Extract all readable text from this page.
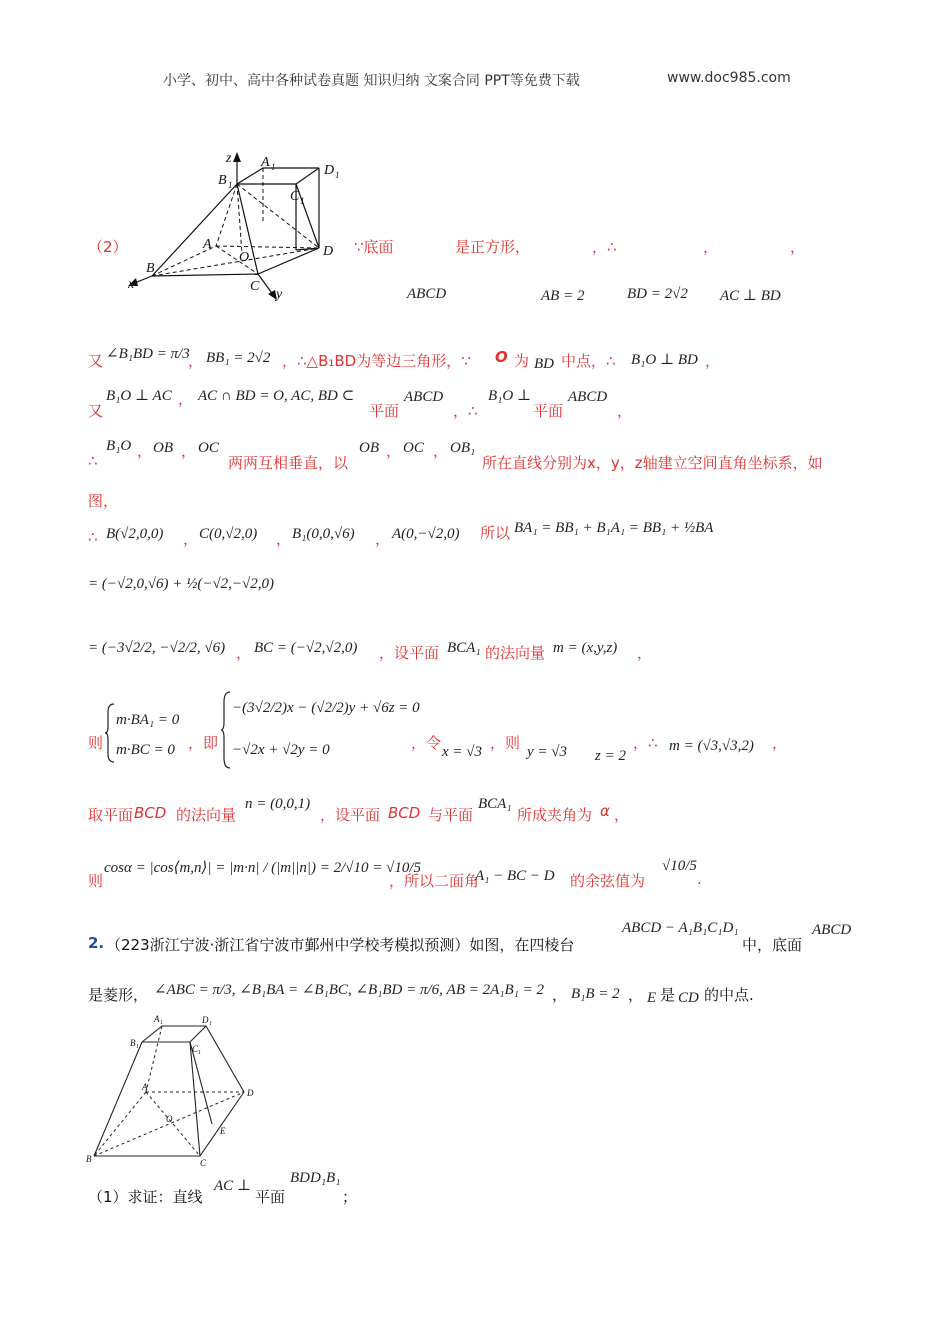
小学、初中、高中各种试卷真题 知识归纳 文案合同 PPT等免费下载	www.doc985.com
z A 1	D 1
B 1
C 1
A
O	D
B
x	C
y
（2）	∵底面	是正方形，	，∴	，	，
ABCD	AB = 2	BD = 2√2 AC ⊥ BD
又 ∠B₁BD = π/3
， BB₁ = 2√2 ，∴△B₁BD为等边三角形，∵ O 为 BD 中点，∴ B₁O ⊥ BD ，
又
B₁O ⊥ AC ， AC ∩ BD = O, AC, BD ⊂
平面
ABCD
，∴
B₁O ⊥
平面
ABCD
，
∴
B₁O ， OB ， OC
两两互相垂直，以
OB ， OC ， OB₁
所在直线分别为x，y，z轴建立空间直角坐标系，如
图，
∴ B(√2,0,0) ， C(0,√2,0) ， B₁(0,0,√6) ， A(0,−√2,0) 所以 BA₁ = BB₁ + B₁A₁ = BB₁ + ½BA
= (−√2,0,√6) + ½(−√2,−√2,0)
= (−3√2/2, −√2/2, √6) ， BC = (−√2,√2,0) ，设平面 BCA₁ 的法向量 m = (x,y,z) ，
则
m·BA₁ = 0
m·BC = 0 ，即
−(3√2/2)x − (√2/2)y + √6z = 0
−√2x + √2y = 0	，令 x = √3 ，则 y = √3 z = 2
，∴ m = (√3,√3,2) ，
取平面 BCD 的法向量
n = (0,0,1)
，设平面 BCD 与平面
BCA₁
所成夹角为 α ，
则
cosα = |cos⟨m,n⟩| = |m·n| / (|m||n|) = 2/√10 = √10/5
，所以二面角
A₁ − BC − D 的余弦值为
√10/5
.
2. （223浙江宁波·浙江省宁波市鄞州中学校考模拟预测）如图，在四棱台
ABCD − A₁B₁C₁D₁
中，底面
ABCD
是菱形， ∠ABC = π/3, ∠B₁BA = ∠B₁BC, ∠B₁BD = π/6, AB = 2A₁B₁ = 2 ， B₁B = 2 ， E 是 CD 的中点.
A 1	D 1
B 1	C 1
A
D
O
E
B	C
（1）求证：直线
AC ⊥
平面
BDD₁B₁
；
